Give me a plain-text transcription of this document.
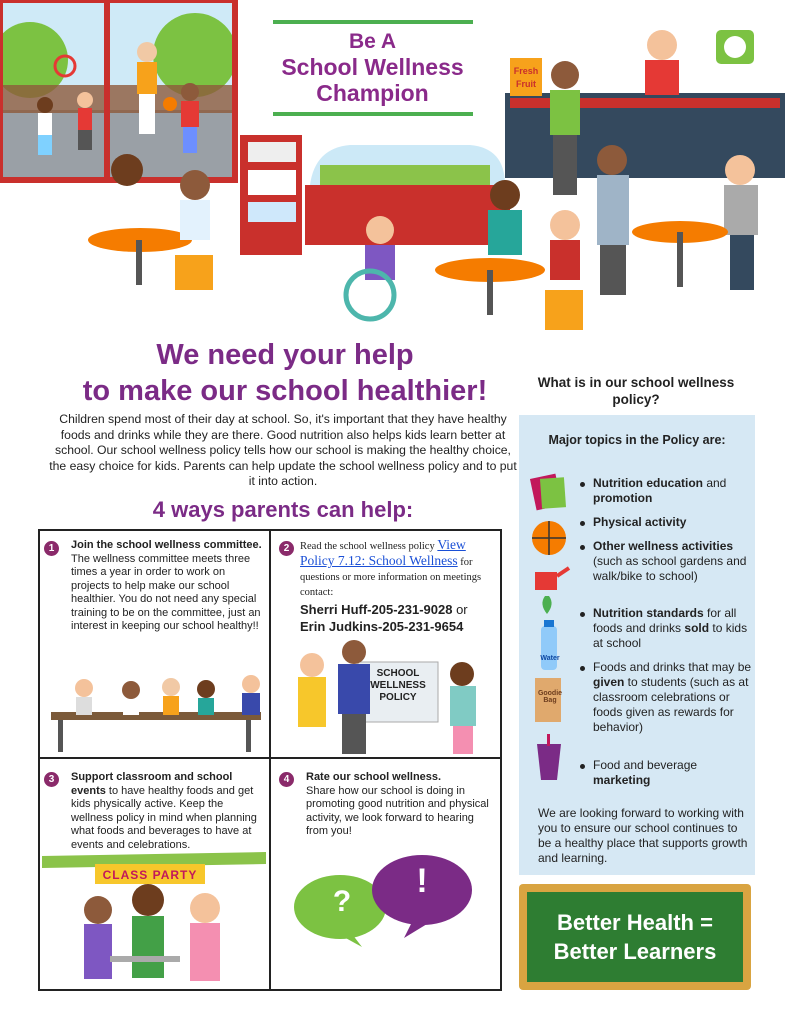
Fresh
Fruit
Be A
School Wellness
Champion
We need your help
to make our school healthier!
Children spend most of their day at school. So, it's important that they have healthy foods and drinks while they are there. Good nutrition also helps kids learn better at school. Our school wellness policy tells how our school is making the healthy choice, the easy choice for kids. Parents can help update the school wellness policy and to put it into action.
4 ways parents can help:
1	Join the school wellness committee.
The wellness committee meets three times a year in order to work on projects to help make our school healthier. You do not need any special training to be on the committee, just an interest in keeping our school healthy!!
2	Read the school wellness policy View Policy 7.12: School Wellness for questions or more information on meetings contact:
Sherri Huff-205-231-9028 or
Erin Judkins-205-231-9654
SCHOOL
WELLNESS
POLICY
3	Support classroom and school events to have healthy foods and get kids physically active. Keep the wellness policy in mind when planning what foods and beverages to have at events and celebrations.
CLASS PARTY
4	Rate our school wellness.
Share how our school is doing in promoting good nutrition and physical activity, we look forward to hearing from you!
?
!
What is in our school wellness policy?
Major topics in the Policy are:
Water
Goodie Bag
Nutrition education and promotion
Physical activity
Other wellness activities (such as school gardens and walk/bike to school)
Nutrition standards for all foods and drinks sold to kids at school
Foods and drinks that may be given to students (such as at classroom celebrations or foods given as rewards for behavior)
Food and beverage marketing
We are looking forward to working with you to ensure our school continues to be a healthy place that supports growth and learning.
Better Health =
Better Learners
